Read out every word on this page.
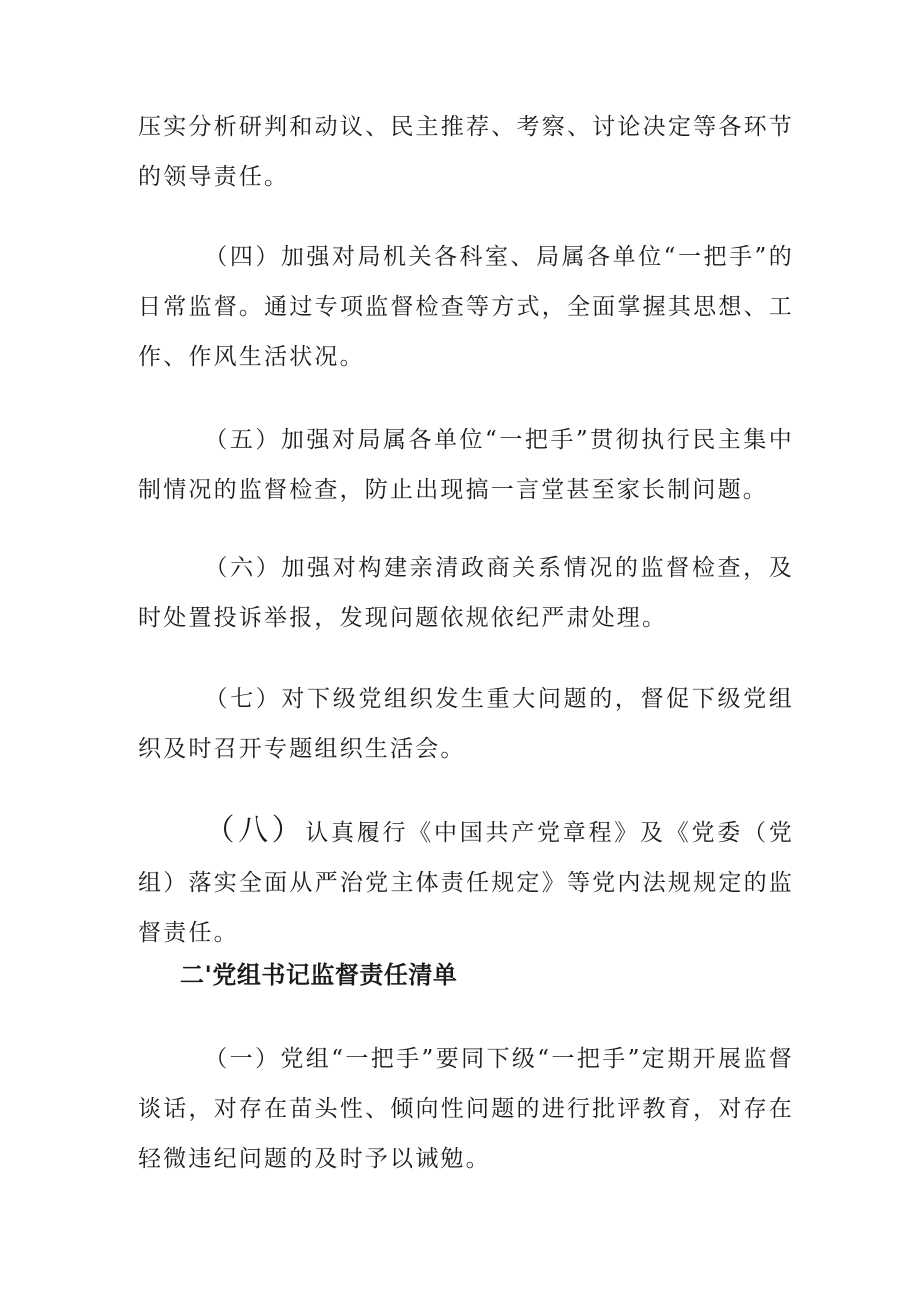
压实分析研判和动议、民主推荐、考察、讨论决定等各环节的领导责任。

（四）加强对局机关各科室、局属各单位“一把手”的日常监督。通过专项监督检查等方式，全面掌握其思想、工作、作风生活状况。

（五）加强对局属各单位“一把手”贯彻执行民主集中制情况的监督检查，防止出现搞一言堂甚至家长制问题。

（六）加强对构建亲清政商关系情况的监督检查，及时处置投诉举报，发现问题依规依纪严肃处理。

（七）对下级党组织发生重大问题的，督促下级党组织及时召开专题组织生活会。

（八）认真履行《中国共产党章程》及《党委（党组）落实全面从严治党主体责任规定》等党内法规规定的监督责任。

二'党组书记监督责任清单

（一）党组“一把手”要同下级“一把手”定期开展监督谈话，对存在苗头性、倾向性问题的进行批评教育，对存在轻微违纪问题的及时予以诫勉。
